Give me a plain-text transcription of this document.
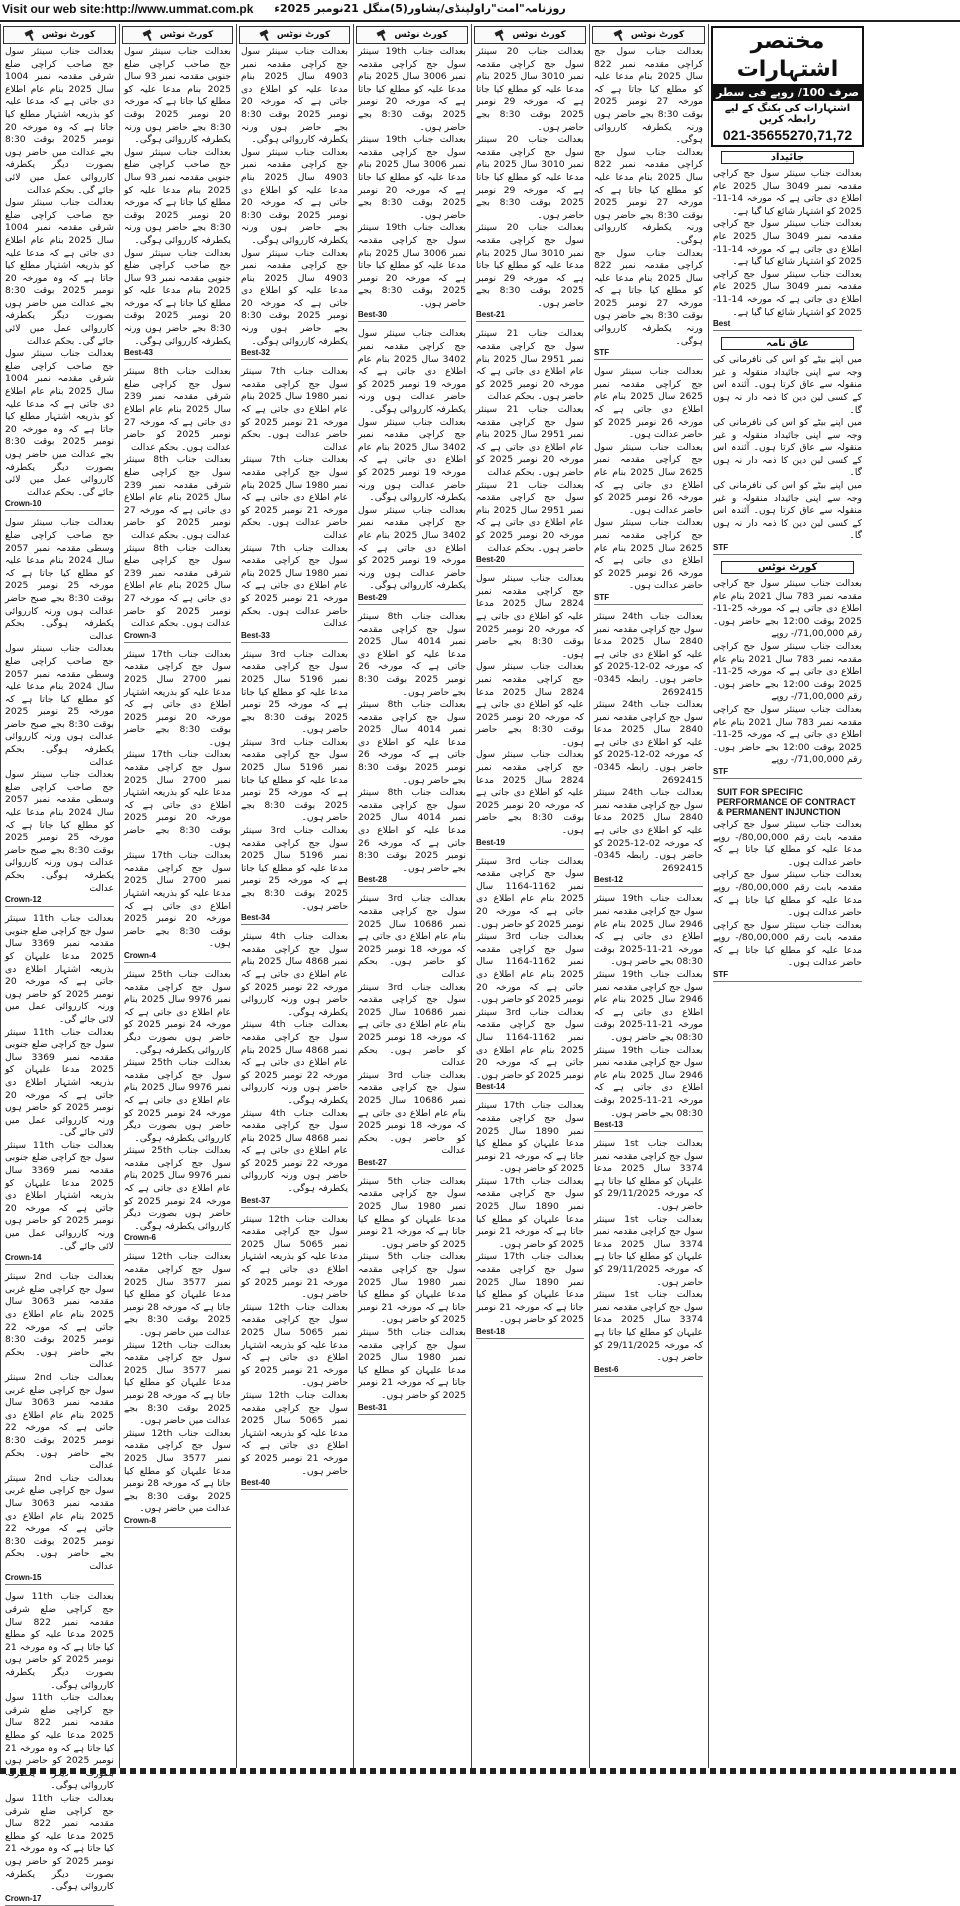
Visit our web site:http://www.ummat.com.pk	روزنامہ"امت"راولپنڈی/پشاور(5)منگل 21نومبر 2025ء
کورٹ نوٹس
بعدالت جناب سینئر سول جج صاحب کراچی ضلع شرقی مقدمہ نمبر 1004 سال 2025 بنام عام اطلاع دی جاتی ہے کہ مدعا علیہ کو بذریعہ اشتہار مطلع کیا جاتا ہے کہ وہ مورخہ 20 نومبر 2025 بوقت 8:30 بجے عدالت میں حاضر ہوں بصورت دیگر یکطرفہ کارروائی عمل میں لائی جائے گی۔ بحکم عدالت
بعدالت جناب سینئر سول جج صاحب کراچی ضلع شرقی مقدمہ نمبر 1004 سال 2025 بنام عام اطلاع دی جاتی ہے کہ مدعا علیہ کو بذریعہ اشتہار مطلع کیا جاتا ہے کہ وہ مورخہ 20 نومبر 2025 بوقت 8:30 بجے عدالت میں حاضر ہوں بصورت دیگر یکطرفہ کارروائی عمل میں لائی جائے گی۔ بحکم عدالت
بعدالت جناب سینئر سول جج صاحب کراچی ضلع شرقی مقدمہ نمبر 1004 سال 2025 بنام عام اطلاع دی جاتی ہے کہ مدعا علیہ کو بذریعہ اشتہار مطلع کیا جاتا ہے کہ وہ مورخہ 20 نومبر 2025 بوقت 8:30 بجے عدالت میں حاضر ہوں بصورت دیگر یکطرفہ کارروائی عمل میں لائی جائے گی۔ بحکم عدالت
Crown-10
بعدالت جناب سینئر سول جج صاحب کراچی ضلع وسطی مقدمہ نمبر 2057 سال 2024 بنام مدعا علیہ کو مطلع کیا جاتا ہے کہ مورخہ 25 نومبر 2025 بوقت 8:30 بجے صبح حاضر عدالت ہوں ورنہ کارروائی یکطرفہ ہوگی۔ بحکم عدالت
بعدالت جناب سینئر سول جج صاحب کراچی ضلع وسطی مقدمہ نمبر 2057 سال 2024 بنام مدعا علیہ کو مطلع کیا جاتا ہے کہ مورخہ 25 نومبر 2025 بوقت 8:30 بجے صبح حاضر عدالت ہوں ورنہ کارروائی یکطرفہ ہوگی۔ بحکم عدالت
بعدالت جناب سینئر سول جج صاحب کراچی ضلع وسطی مقدمہ نمبر 2057 سال 2024 بنام مدعا علیہ کو مطلع کیا جاتا ہے کہ مورخہ 25 نومبر 2025 بوقت 8:30 بجے صبح حاضر عدالت ہوں ورنہ کارروائی یکطرفہ ہوگی۔ بحکم عدالت
Crown-12
بعدالت جناب 11th سینئر سول جج کراچی ضلع جنوبی مقدمہ نمبر 3369 سال 2025 مدعا علیہان کو بذریعہ اشتہار اطلاع دی جاتی ہے کہ مورخہ 20 نومبر 2025 کو حاضر ہوں ورنہ کارروائی عمل میں لائی جائے گی۔
بعدالت جناب 11th سینئر سول جج کراچی ضلع جنوبی مقدمہ نمبر 3369 سال 2025 مدعا علیہان کو بذریعہ اشتہار اطلاع دی جاتی ہے کہ مورخہ 20 نومبر 2025 کو حاضر ہوں ورنہ کارروائی عمل میں لائی جائے گی۔
بعدالت جناب 11th سینئر سول جج کراچی ضلع جنوبی مقدمہ نمبر 3369 سال 2025 مدعا علیہان کو بذریعہ اشتہار اطلاع دی جاتی ہے کہ مورخہ 20 نومبر 2025 کو حاضر ہوں ورنہ کارروائی عمل میں لائی جائے گی۔
Crown-14
بعدالت جناب 2nd سینئر سول جج کراچی ضلع غربی مقدمہ نمبر 3063 سال 2025 بنام عام اطلاع دی جاتی ہے کہ مورخہ 22 نومبر 2025 بوقت 8:30 بجے حاضر ہوں۔ بحکم عدالت
بعدالت جناب 2nd سینئر سول جج کراچی ضلع غربی مقدمہ نمبر 3063 سال 2025 بنام عام اطلاع دی جاتی ہے کہ مورخہ 22 نومبر 2025 بوقت 8:30 بجے حاضر ہوں۔ بحکم عدالت
بعدالت جناب 2nd سینئر سول جج کراچی ضلع غربی مقدمہ نمبر 3063 سال 2025 بنام عام اطلاع دی جاتی ہے کہ مورخہ 22 نومبر 2025 بوقت 8:30 بجے حاضر ہوں۔ بحکم عدالت
Crown-15
بعدالت جناب 11th سول جج کراچی ضلع شرقی مقدمہ نمبر 822 سال 2025 مدعا علیہ کو مطلع کیا جاتا ہے کہ وہ مورخہ 21 نومبر 2025 کو حاضر ہوں بصورت دیگر یکطرفہ کارروائی ہوگی۔
بعدالت جناب 11th سول جج کراچی ضلع شرقی مقدمہ نمبر 822 سال 2025 مدعا علیہ کو مطلع کیا جاتا ہے کہ وہ مورخہ 21 نومبر 2025 کو حاضر ہوں کارروائی ہوگی۔
بعدالت جناب 11th سول جج کراچی ضلع شرقی مقدمہ نمبر 822 سال 2025 مدعا علیہ کو مطلع کیا جاتا ہے کہ وہ مورخہ 21 نومبر 2025 کو حاضر ہوں بصورت دیگر یکطرفہ کارروائی ہوگی۔
Crown-17
کورٹ نوٹس
بعدالت جناب سینئر سول جج صاحب کراچی ضلع جنوبی مقدمہ نمبر 93 سال 2025 بنام مدعا علیہ کو مطلع کیا جاتا ہے کہ مورخہ 20 نومبر 2025 بوقت 8:30 بجے حاضر ہوں ورنہ یکطرفہ کارروائی ہوگی۔
بعدالت جناب سینئر سول جج صاحب کراچی ضلع جنوبی مقدمہ نمبر 93 سال 2025 بنام مدعا علیہ کو مطلع کیا جاتا ہے کہ مورخہ 20 نومبر 2025 بوقت 8:30 بجے حاضر ہوں ورنہ یکطرفہ کارروائی ہوگی۔
بعدالت جناب سینئر سول جج صاحب کراچی ضلع جنوبی مقدمہ نمبر 93 سال 2025 بنام مدعا علیہ کو مطلع کیا جاتا ہے کہ مورخہ 20 نومبر 2025 بوقت 8:30 بجے حاضر ہوں ورنہ یکطرفہ کارروائی ہوگی۔
Best-43
بعدالت جناب 8th سینئر سول جج کراچی ضلع شرقی مقدمہ نمبر 239 سال 2025 بنام عام اطلاع دی جاتی ہے کہ مورخہ 27 نومبر 2025 کو حاضر عدالت ہوں۔ بحکم عدالت
بعدالت جناب 8th سینئر سول جج کراچی ضلع شرقی مقدمہ نمبر 239 سال 2025 بنام عام اطلاع دی جاتی ہے کہ مورخہ 27 نومبر 2025 کو حاضر عدالت ہوں۔ بحکم عدالت
بعدالت جناب 8th سینئر سول جج کراچی ضلع شرقی مقدمہ نمبر 239 سال 2025 بنام عام اطلاع دی جاتی ہے کہ مورخہ 27 نومبر 2025 کو حاضر عدالت ہوں۔ بحکم عدالت
Crown-3
بعدالت جناب 17th سینئر سول جج کراچی مقدمہ نمبر 2700 سال 2025 مدعا علیہ کو بذریعہ اشتہار اطلاع دی جاتی ہے کہ مورخہ 20 نومبر 2025 بوقت 8:30 بجے حاضر ہوں۔
بعدالت جناب 17th سینئر سول جج کراچی مقدمہ نمبر 2700 سال 2025 مدعا علیہ کو بذریعہ اشتہار اطلاع دی جاتی ہے کہ مورخہ 20 نومبر 2025 بوقت 8:30 بجے حاضر ہوں۔
بعدالت جناب 17th سینئر سول جج کراچی مقدمہ نمبر 2700 سال 2025 مدعا علیہ کو بذریعہ اشتہار اطلاع دی جاتی ہے کہ مورخہ 20 نومبر 2025 بوقت 8:30 بجے حاضر ہوں۔
Crown-4
بعدالت جناب 25th سینئر سول جج کراچی مقدمہ نمبر 9976 سال 2025 بنام عام اطلاع دی جاتی ہے کہ مورخہ 24 نومبر 2025 کو حاضر ہوں بصورت دیگر کارروائی یکطرفہ ہوگی۔
بعدالت جناب 25th سینئر سول جج کراچی مقدمہ نمبر 9976 سال 2025 بنام عام اطلاع دی جاتی ہے کہ مورخہ 24 نومبر 2025 کو حاضر ہوں بصورت دیگر کارروائی یکطرفہ ہوگی۔
بعدالت جناب 25th سینئر سول جج کراچی مقدمہ نمبر 9976 سال 2025 بنام عام اطلاع دی جاتی ہے کہ مورخہ 24 نومبر 2025 کو حاضر ہوں بصورت دیگر کارروائی یکطرفہ ہوگی۔
Crown-6
بعدالت جناب 12th سینئر سول جج کراچی مقدمہ نمبر 3577 سال 2025 مدعا علیہان کو مطلع کیا جاتا ہے کہ مورخہ 28 نومبر 2025 بوقت 8:30 بجے عدالت میں حاضر ہوں۔
بعدالت جناب 12th سینئر سول جج کراچی مقدمہ نمبر 3577 سال 2025 مدعا علیہان کو مطلع کیا جاتا ہے کہ مورخہ 28 نومبر 2025 بوقت 8:30 بجے عدالت میں حاضر ہوں۔
بعدالت جناب 12th سینئر سول جج کراچی مقدمہ نمبر 3577 سال 2025 مدعا علیہان کو مطلع کیا جاتا ہے کہ مورخہ 28 نومبر 2025 بوقت 8:30 بجے عدالت میں حاضر ہوں۔
Crown-8
کورٹ نوٹس
بعدالت جناب سینئر سول جج کراچی مقدمہ نمبر 4903 سال 2025 بنام مدعا علیہ کو اطلاع دی جاتی ہے کہ مورخہ 20 نومبر 2025 بوقت 8:30 بجے حاضر ہوں ورنہ یکطرفہ کارروائی ہوگی۔
بعدالت جناب سینئر سول جج کراچی مقدمہ نمبر 4903 سال 2025 بنام مدعا علیہ کو اطلاع دی جاتی ہے کہ مورخہ 20 نومبر 2025 بوقت 8:30 بجے حاضر ہوں ورنہ یکطرفہ کارروائی ہوگی۔
بعدالت جناب سینئر سول جج کراچی مقدمہ نمبر 4903 سال 2025 بنام مدعا علیہ کو اطلاع دی جاتی ہے کہ مورخہ 20 نومبر 2025 بوقت 8:30 بجے حاضر ہوں ورنہ یکطرفہ کارروائی ہوگی۔
Best-32
بعدالت جناب 7th سینئر سول جج کراچی مقدمہ نمبر 1980 سال 2025 بنام عام اطلاع دی جاتی ہے کہ مورخہ 21 نومبر 2025 کو حاضر عدالت ہوں۔ بحکم عدالت
بعدالت جناب 7th سینئر سول جج کراچی مقدمہ نمبر 1980 سال 2025 بنام عام اطلاع دی جاتی ہے کہ مورخہ 21 نومبر 2025 کو حاضر عدالت ہوں۔ بحکم عدالت
بعدالت جناب 7th سینئر سول جج کراچی مقدمہ نمبر 1980 سال 2025 بنام عام اطلاع دی جاتی ہے کہ مورخہ 21 نومبر 2025 کو حاضر عدالت ہوں۔ بحکم عدالت
Best-33
بعدالت جناب 3rd سینئر سول جج کراچی مقدمہ نمبر 5196 سال 2025 مدعا علیہ کو مطلع کیا جاتا ہے کہ مورخہ 25 نومبر 2025 بوقت 8:30 بجے حاضر ہوں۔
بعدالت جناب 3rd سینئر سول جج کراچی مقدمہ نمبر 5196 سال 2025 مدعا علیہ کو مطلع کیا جاتا ہے کہ مورخہ 25 نومبر 2025 بوقت 8:30 بجے حاضر ہوں۔
بعدالت جناب 3rd سینئر سول جج کراچی مقدمہ نمبر 5196 سال 2025 مدعا علیہ کو مطلع کیا جاتا ہے کہ مورخہ 25 نومبر 2025 بوقت 8:30 بجے حاضر ہوں۔
Best-34
بعدالت جناب 4th سینئر سول جج کراچی مقدمہ نمبر 4868 سال 2025 بنام عام اطلاع دی جاتی ہے کہ مورخہ 22 نومبر 2025 کو حاضر ہوں ورنہ کارروائی یکطرفہ ہوگی۔
بعدالت جناب 4th سینئر سول جج کراچی مقدمہ نمبر 4868 سال 2025 بنام عام اطلاع دی جاتی ہے کہ مورخہ 22 نومبر 2025 کو حاضر ہوں ورنہ کارروائی یکطرفہ ہوگی۔
بعدالت جناب 4th سینئر سول جج کراچی مقدمہ نمبر 4868 سال 2025 بنام عام اطلاع دی جاتی ہے کہ مورخہ 22 نومبر 2025 کو حاضر ہوں ورنہ کارروائی یکطرفہ ہوگی۔
Best-37
بعدالت جناب 12th سینئر سول جج کراچی مقدمہ نمبر 5065 سال 2025 مدعا علیہ کو بذریعہ اشتہار اطلاع دی جاتی ہے کہ مورخہ 21 نومبر 2025 کو حاضر ہوں۔
بعدالت جناب 12th سینئر سول جج کراچی مقدمہ نمبر 5065 سال 2025 مدعا علیہ کو بذریعہ اشتہار اطلاع دی جاتی ہے کہ مورخہ 21 نومبر 2025 کو حاضر ہوں۔
بعدالت جناب 12th سینئر سول جج کراچی مقدمہ نمبر 5065 سال 2025 مدعا علیہ کو بذریعہ اشتہار اطلاع دی جاتی ہے کہ مورخہ 21 نومبر 2025 کو حاضر ہوں۔
Best-40
کورٹ نوٹس
بعدالت جناب 19th سینئر سول جج کراچی مقدمہ نمبر 3006 سال 2025 بنام مدعا علیہ کو مطلع کیا جاتا ہے کہ مورخہ 20 نومبر 2025 بوقت 8:30 بجے حاضر ہوں۔
بعدالت جناب 19th سینئر سول جج کراچی مقدمہ نمبر 3006 سال 2025 بنام مدعا علیہ کو مطلع کیا جاتا ہے کہ مورخہ 20 نومبر 2025 بوقت 8:30 بجے حاضر ہوں۔
بعدالت جناب 19th سینئر سول جج کراچی مقدمہ نمبر 3006 سال 2025 بنام مدعا علیہ کو مطلع کیا جاتا ہے کہ مورخہ 20 نومبر 2025 بوقت 8:30 بجے حاضر ہوں۔
Best-30
بعدالت جناب سینئر سول جج کراچی مقدمہ نمبر 3402 سال 2025 بنام عام اطلاع دی جاتی ہے کہ مورخہ 19 نومبر 2025 کو حاضر عدالت ہوں ورنہ یکطرفہ کارروائی ہوگی۔
بعدالت جناب سینئر سول جج کراچی مقدمہ نمبر 3402 سال 2025 بنام عام اطلاع دی جاتی ہے کہ مورخہ 19 نومبر 2025 کو حاضر عدالت ہوں ورنہ یکطرفہ کارروائی ہوگی۔
بعدالت جناب سینئر سول جج کراچی مقدمہ نمبر 3402 سال 2025 بنام عام اطلاع دی جاتی ہے کہ مورخہ 19 نومبر 2025 کو حاضر عدالت ہوں ورنہ یکطرفہ کارروائی ہوگی۔
Best-29
بعدالت جناب 8th سینئر سول جج کراچی مقدمہ نمبر 4014 سال 2025 مدعا علیہ کو اطلاع دی جاتی ہے کہ مورخہ 26 نومبر 2025 بوقت 8:30 بجے حاضر ہوں۔
بعدالت جناب 8th سینئر سول جج کراچی مقدمہ نمبر 4014 سال 2025 مدعا علیہ کو اطلاع دی جاتی ہے کہ مورخہ 26 نومبر 2025 بوقت 8:30 بجے حاضر ہوں۔
بعدالت جناب 8th سینئر سول جج کراچی مقدمہ نمبر 4014 سال 2025 مدعا علیہ کو اطلاع دی جاتی ہے کہ مورخہ 26 نومبر 2025 بوقت 8:30 بجے حاضر ہوں۔
Best-28
بعدالت جناب 3rd سینئر سول جج کراچی مقدمہ نمبر 10686 سال 2025 بنام عام اطلاع دی جاتی ہے کہ مورخہ 18 نومبر 2025 کو حاضر ہوں۔ بحکم عدالت
بعدالت جناب 3rd سینئر سول جج کراچی مقدمہ نمبر 10686 سال 2025 بنام عام اطلاع دی جاتی ہے کہ مورخہ 18 نومبر 2025 کو حاضر ہوں۔ بحکم عدالت
بعدالت جناب 3rd سینئر سول جج کراچی مقدمہ نمبر 10686 سال 2025 بنام عام اطلاع دی جاتی ہے کہ مورخہ 18 نومبر 2025 کو حاضر ہوں۔ بحکم عدالت
Best-27
بعدالت جناب 5th سینئر سول جج کراچی مقدمہ نمبر 1980 سال 2025 مدعا علیہان کو مطلع کیا جاتا ہے کہ مورخہ 21 نومبر 2025 کو حاضر ہوں۔
بعدالت جناب 5th سینئر سول جج کراچی مقدمہ نمبر 1980 سال 2025 مدعا علیہان کو مطلع کیا جاتا ہے کہ مورخہ 21 نومبر 2025 کو حاضر ہوں۔
بعدالت جناب 5th سینئر سول جج کراچی مقدمہ نمبر 1980 سال 2025 مدعا علیہان کو مطلع کیا جاتا ہے کہ مورخہ 21 نومبر 2025 کو حاضر ہوں۔
Best-31
کورٹ نوٹس
بعدالت جناب 20 سینئر سول جج کراچی مقدمہ نمبر 3010 سال 2025 بنام مدعا علیہ کو مطلع کیا جاتا ہے کہ مورخہ 29 نومبر 2025 بوقت 8:30 بجے حاضر ہوں۔
بعدالت جناب 20 سینئر سول جج کراچی مقدمہ نمبر 3010 سال 2025 بنام مدعا علیہ کو مطلع کیا جاتا ہے کہ مورخہ 29 نومبر 2025 بوقت 8:30 بجے حاضر ہوں۔
بعدالت جناب 20 سینئر سول جج کراچی مقدمہ نمبر 3010 سال 2025 بنام مدعا علیہ کو مطلع کیا جاتا ہے کہ مورخہ 29 نومبر 2025 بوقت 8:30 بجے حاضر ہوں۔
Best-21
بعدالت جناب 21 سینئر سول جج کراچی مقدمہ نمبر 2951 سال 2025 بنام عام اطلاع دی جاتی ہے کہ مورخہ 20 نومبر 2025 کو حاضر ہوں۔ بحکم عدالت
بعدالت جناب 21 سینئر سول جج کراچی مقدمہ نمبر 2951 سال 2025 بنام عام اطلاع دی جاتی ہے کہ مورخہ 20 نومبر 2025 کو حاضر ہوں۔ بحکم عدالت
بعدالت جناب 21 سینئر سول جج کراچی مقدمہ نمبر 2951 سال 2025 بنام عام اطلاع دی جاتی ہے کہ مورخہ 20 نومبر 2025 کو حاضر ہوں۔ بحکم عدالت
Best-20
بعدالت جناب سینئر سول جج کراچی مقدمہ نمبر 2824 سال 2025 مدعا علیہ کو اطلاع دی جاتی ہے کہ مورخہ 20 نومبر 2025 بوقت 8:30 بجے حاضر ہوں۔
بعدالت جناب سینئر سول جج کراچی مقدمہ نمبر 2824 سال 2025 مدعا علیہ کو اطلاع دی جاتی ہے کہ مورخہ 20 نومبر 2025 بوقت 8:30 بجے حاضر ہوں۔
بعدالت جناب سینئر سول جج کراچی مقدمہ نمبر 2824 سال 2025 مدعا علیہ کو اطلاع دی جاتی ہے کہ مورخہ 20 نومبر 2025 بوقت 8:30 بجے حاضر ہوں۔
Best-19
بعدالت جناب 3rd سینئر سول جج کراچی مقدمہ نمبر 1162-1164 سال 2025 بنام عام اطلاع دی جاتی ہے کہ مورخہ 20 نومبر 2025 کو حاضر ہوں۔
بعدالت جناب 3rd سینئر سول جج کراچی مقدمہ نمبر 1162-1164 سال 2025 بنام عام اطلاع دی جاتی ہے کہ مورخہ 20 نومبر 2025 کو حاضر ہوں۔
بعدالت جناب 3rd سینئر سول جج کراچی مقدمہ نمبر 1162-1164 سال 2025 بنام عام اطلاع دی جاتی ہے کہ مورخہ 20 نومبر 2025 کو حاضر ہوں۔
Best-14
بعدالت جناب 17th سینئر سول جج کراچی مقدمہ نمبر 1890 سال 2025 مدعا علیہان کو مطلع کیا جاتا ہے کہ مورخہ 21 نومبر 2025 کو حاضر ہوں۔
بعدالت جناب 17th سینئر سول جج کراچی مقدمہ نمبر 1890 سال 2025 مدعا علیہان کو مطلع کیا جاتا ہے کہ مورخہ 21 نومبر 2025 کو حاضر ہوں۔
بعدالت جناب 17th سینئر سول جج کراچی مقدمہ نمبر 1890 سال 2025 مدعا علیہان کو مطلع کیا جاتا ہے کہ مورخہ 21 نومبر 2025 کو حاضر ہوں۔
Best-18
کورٹ نوٹس
بعدالت جناب سول جج کراچی مقدمہ نمبر 822 سال 2025 بنام مدعا علیہ کو مطلع کیا جاتا ہے کہ مورخہ 27 نومبر 2025 بوقت 8:30 بجے حاضر ہوں ورنہ یکطرفہ کارروائی ہوگی۔
بعدالت جناب سول جج کراچی مقدمہ نمبر 822 سال 2025 بنام مدعا علیہ کو مطلع کیا جاتا ہے کہ مورخہ 27 نومبر 2025 بوقت 8:30 بجے حاضر ہوں ورنہ یکطرفہ کارروائی ہوگی۔
بعدالت جناب سول جج کراچی مقدمہ نمبر 822 سال 2025 بنام مدعا علیہ کو مطلع کیا جاتا ہے کہ مورخہ 27 نومبر 2025 بوقت 8:30 بجے حاضر ہوں ورنہ یکطرفہ کارروائی ہوگی۔
STF
بعدالت جناب سینئر سول جج کراچی مقدمہ نمبر 2625 سال 2025 بنام عام اطلاع دی جاتی ہے کہ مورخہ 26 نومبر 2025 کو حاضر عدالت ہوں۔
بعدالت جناب سینئر سول جج کراچی مقدمہ نمبر 2625 سال 2025 بنام عام اطلاع دی جاتی ہے کہ مورخہ 26 نومبر 2025 کو حاضر عدالت ہوں۔
بعدالت جناب سینئر سول جج کراچی مقدمہ نمبر 2625 سال 2025 بنام عام اطلاع دی جاتی ہے کہ مورخہ 26 نومبر 2025 کو حاضر عدالت ہوں۔
STF
بعدالت جناب 24th سینئر سول جج کراچی مقدمہ نمبر 2840 سال 2025 مدعا علیہ کو اطلاع دی جاتی ہے کہ مورخہ 02-12-2025 کو حاضر ہوں۔ رابطہ 0345-2692415
بعدالت جناب 24th سینئر سول جج کراچی مقدمہ نمبر 2840 سال 2025 مدعا علیہ کو اطلاع دی جاتی ہے کہ مورخہ 02-12-2025 کو حاضر ہوں۔ رابطہ 0345-2692415
بعدالت جناب 24th سینئر سول جج کراچی مقدمہ نمبر 2840 سال 2025 مدعا علیہ کو اطلاع دی جاتی ہے کہ مورخہ 02-12-2025 کو حاضر ہوں۔ رابطہ 0345-2692415
Best-12
بعدالت جناب 19th سینئر سول جج کراچی مقدمہ نمبر 2946 سال 2025 بنام عام اطلاع دی جاتی ہے کہ مورخہ 21-11-2025 بوقت 08:30 بجے حاضر ہوں۔
بعدالت جناب 19th سینئر سول جج کراچی مقدمہ نمبر 2946 سال 2025 بنام عام اطلاع دی جاتی ہے کہ مورخہ 21-11-2025 بوقت 08:30 بجے حاضر ہوں۔
بعدالت جناب 19th سینئر سول جج کراچی مقدمہ نمبر 2946 سال 2025 بنام عام اطلاع دی جاتی ہے کہ مورخہ 21-11-2025 بوقت 08:30 بجے حاضر ہوں۔
Best-13
بعدالت جناب 1st سینئر سول جج کراچی مقدمہ نمبر 3374 سال 2025 مدعا علیہان کو مطلع کیا جاتا ہے کہ مورخہ 29/11/2025 کو حاضر ہوں۔
بعدالت جناب 1st سینئر سول جج کراچی مقدمہ نمبر 3374 سال 2025 مدعا علیہان کو مطلع کیا جاتا ہے کہ مورخہ 29/11/2025 کو حاضر ہوں۔
بعدالت جناب 1st سینئر سول جج کراچی مقدمہ نمبر 3374 سال 2025 مدعا علیہان کو مطلع کیا جاتا ہے کہ مورخہ 29/11/2025 کو حاضر ہوں۔
Best-6
مختصر اشتہارات
صرف 100/ روپے فی سطر
اشتہارات کی بکنگ کے لیے رابطہ کریں
021-35655270,71,72
جائیداد
بعدالت جناب سینئر سول جج کراچی مقدمہ نمبر 3049 سال 2025 عام اطلاع دی جاتی ہے کہ مورخہ 14-11-2025 کو اشتہار شائع کیا گیا ہے۔
بعدالت جناب سینئر سول جج کراچی مقدمہ نمبر 3049 سال 2025 عام اطلاع دی جاتی ہے کہ مورخہ 14-11-2025 کو اشتہار شائع کیا گیا ہے۔
بعدالت جناب سینئر سول جج کراچی مقدمہ نمبر 3049 سال 2025 عام اطلاع دی جاتی ہے کہ مورخہ 14-11-2025 کو اشتہار شائع کیا گیا ہے۔
Best
عاق نامہ
میں اپنے بیٹے کو اس کی نافرمانی کی وجہ سے اپنی جائیداد منقولہ و غیر منقولہ سے عاق کرتا ہوں۔ آئندہ اس کے کسی لین دین کا ذمہ دار نہ ہوں گا۔
میں اپنے بیٹے کو اس کی نافرمانی کی وجہ سے اپنی جائیداد منقولہ و غیر منقولہ سے عاق کرتا ہوں۔ آئندہ اس کے کسی لین دین کا ذمہ دار نہ ہوں گا۔
میں اپنے بیٹے کو اس کی نافرمانی کی وجہ سے اپنی جائیداد منقولہ و غیر منقولہ سے عاق کرتا ہوں۔ آئندہ اس کے کسی لین دین کا ذمہ دار نہ ہوں گا۔
STF
کورٹ نوٹس
بعدالت جناب سینئر سول جج کراچی مقدمہ نمبر 783 سال 2021 بنام عام اطلاع دی جاتی ہے کہ مورخہ 25-11-2025 بوقت 12:00 بجے حاضر ہوں۔ رقم 71,00,000/- روپے
بعدالت جناب سینئر سول جج کراچی مقدمہ نمبر 783 سال 2021 بنام عام اطلاع دی جاتی ہے کہ مورخہ 25-11-2025 بوقت 12:00 بجے حاضر ہوں۔ رقم 71,00,000/- روپے
بعدالت جناب سینئر سول جج کراچی مقدمہ نمبر 783 سال 2021 بنام عام اطلاع دی جاتی ہے کہ مورخہ 25-11-2025 بوقت 12:00 بجے حاضر ہوں۔ رقم 71,00,000/- روپے
STF
SUIT FOR SPECIFIC PERFORMANCE OF CONTRACT & PERMANENT INJUNCTION
بعدالت جناب سینئر سول جج کراچی مقدمہ بابت رقم 80,00,000/- روپے مدعا علیہ کو مطلع کیا جاتا ہے کہ حاضر عدالت ہوں۔
بعدالت جناب سینئر سول جج کراچی مقدمہ بابت رقم 80,00,000/- روپے مدعا علیہ کو مطلع کیا جاتا ہے کہ حاضر عدالت ہوں۔
بعدالت جناب سینئر سول جج کراچی مقدمہ بابت رقم 80,00,000/- روپے مدعا علیہ کو مطلع کیا جاتا ہے کہ حاضر عدالت ہوں۔
STF
